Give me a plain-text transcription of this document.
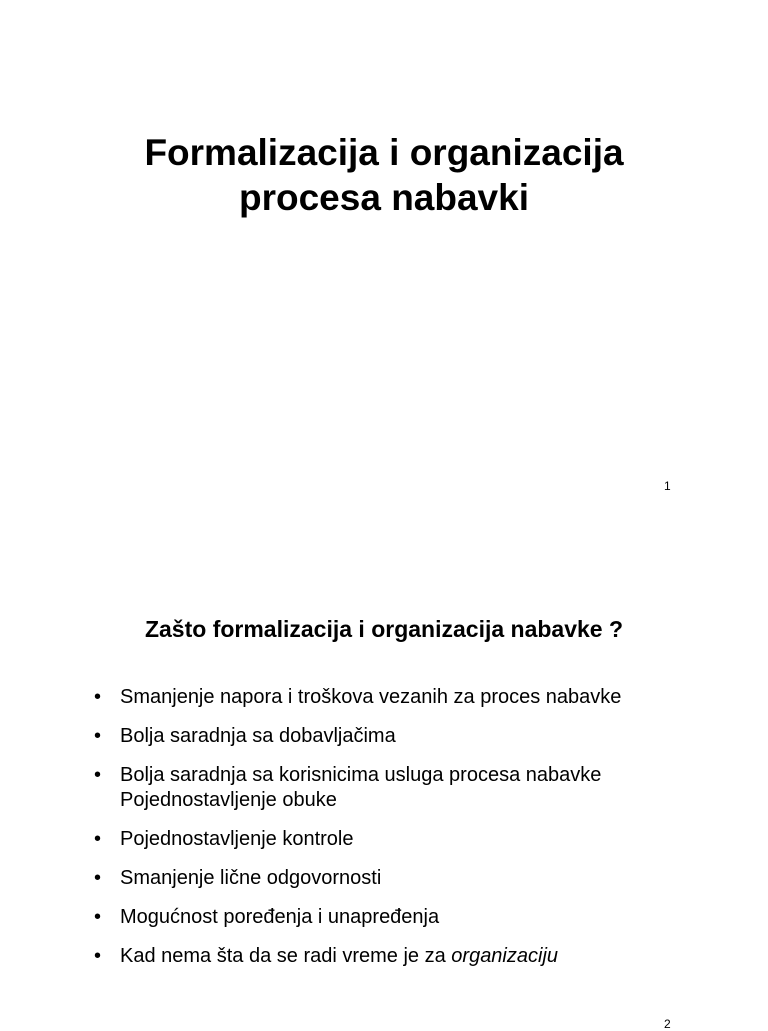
Formalizacija i organizacija
procesa nabavki
1
Zašto formalizacija i organizacija nabavke ?
• Smanjenje napora i troškova vezanih za proces nabavke
• Bolja saradnja sa dobavljačima
• Bolja saradnja sa korisnicima usluga procesa nabavke
Pojednostavljenje obuke
• Pojednostavljenje kontrole
• Smanjenje lične odgovornosti
• Mogućnost poređenja i unapređenja
• Kad nema šta da se radi vreme je za organizaciju
2
